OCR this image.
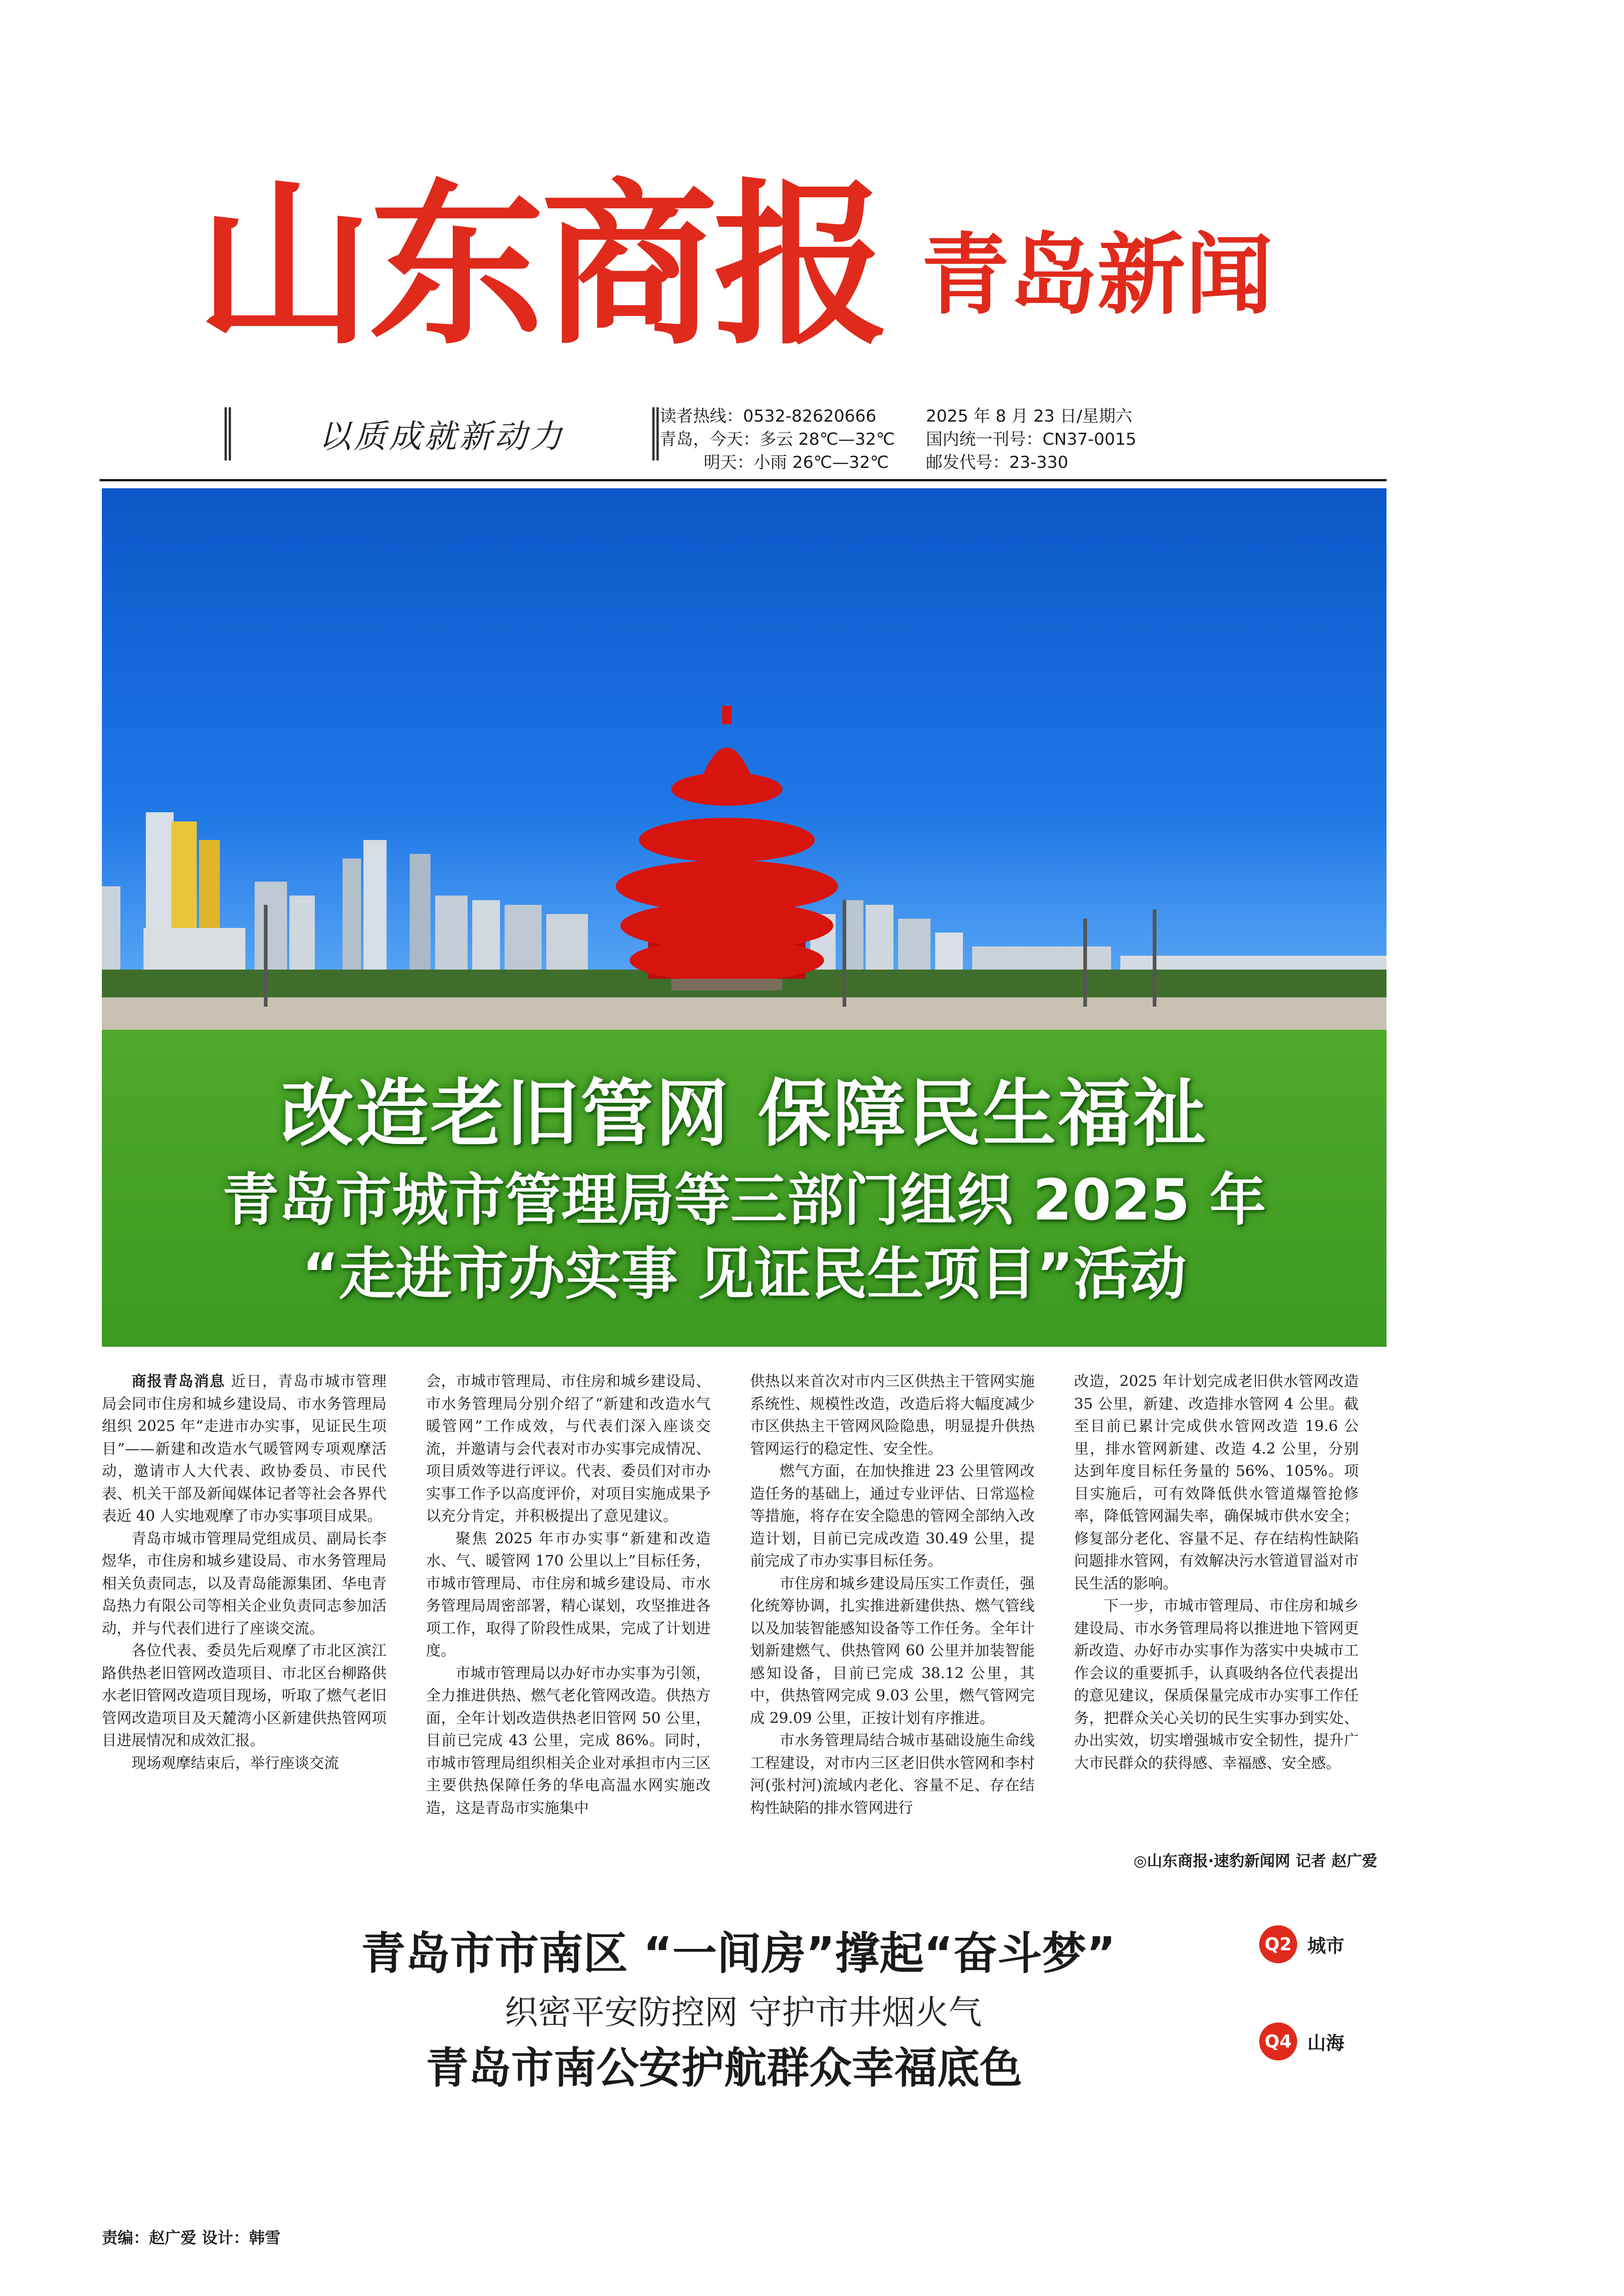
山东商报 青岛新闻
以质成就新动力
读者热线：0532-82620666
青岛，今天：多云 28℃—32℃
明天：小雨 26℃—32℃
2025 年 8 月 23 日/星期六
国内统一刊号：CN37-0015
邮发代号：23-330
改造老旧管网 保障民生福祉
青岛市城市管理局等三部门组织 2025 年
“走进市办实事 见证民生项目”活动

商报青岛消息 近日，青岛市城市管理局会同市住房和城乡建设局、市水务管理局组织 2025 年“走进市办实事，见证民生项目”——新建和改造水气暖管网专项观摩活动，邀请市人大代表、政协委员、市民代表、机关干部及新闻媒体记者等社会各界代表近 40 人实地观摩了市办实事项目成果。

青岛市城市管理局党组成员、副局长李煜华，市住房和城乡建设局、市水务管理局相关负责同志，以及青岛能源集团、华电青岛热力有限公司等相关企业负责同志参加活动，并与代表们进行了座谈交流。

各位代表、委员先后观摩了市北区滨江路供热老旧管网改造项目、市北区台柳路供水老旧管网改造项目现场，听取了燃气老旧管网改造项目及天麓湾小区新建供热管网项目进展情况和成效汇报。

现场观摩结束后，举行座谈交流

会，市城市管理局、市住房和城乡建设局、市水务管理局分别介绍了“新建和改造水气暖管网”工作成效，与代表们深入座谈交流，并邀请与会代表对市办实事完成情况、项目质效等进行评议。代表、委员们对市办实事工作予以高度评价，对项目实施成果予以充分肯定，并积极提出了意见建议。

聚焦 2025 年市办实事“新建和改造水、气、暖管网 170 公里以上”目标任务，市城市管理局、市住房和城乡建设局、市水务管理局周密部署，精心谋划，攻坚推进各项工作，取得了阶段性成果，完成了计划进度。

市城市管理局以办好市办实事为引领，全力推进供热、燃气老化管网改造。供热方面，全年计划改造供热老旧管网 50 公里，目前已完成 43 公里，完成 86%。同时，市城市管理局组织相关企业对承担市内三区主要供热保障任务的华电高温水网实施改造，这是青岛市实施集中

供热以来首次对市内三区供热主干管网实施系统性、规模性改造，改造后将大幅度减少市区供热主干管网风险隐患，明显提升供热管网运行的稳定性、安全性。

燃气方面，在加快推进 23 公里管网改造任务的基础上，通过专业评估、日常巡检等措施，将存在安全隐患的管网全部纳入改造计划，目前已完成改造 30.49 公里，提前完成了市办实事目标任务。

市住房和城乡建设局压实工作责任，强化统筹协调，扎实推进新建供热、燃气管线以及加装智能感知设备等工作任务。全年计划新建燃气、供热管网 60 公里并加装智能感知设备，目前已完成 38.12 公里，其中，供热管网完成 9.03 公里，燃气管网完成 29.09 公里，正按计划有序推进。

市水务管理局结合城市基础设施生命线工程建设，对市内三区老旧供水管网和李村河(张村河)流域内老化、容量不足、存在结构性缺陷的排水管网进行

改造，2025 年计划完成老旧供水管网改造 35 公里，新建、改造排水管网 4 公里。截至目前已累计完成供水管网改造 19.6 公里，排水管网新建、改造 4.2 公里，分别达到年度目标任务量的 56%、105%。项目实施后，可有效降低供水管道爆管抢修率，降低管网漏失率，确保城市供水安全；修复部分老化、容量不足、存在结构性缺陷问题排水管网，有效解决污水管道冒溢对市民生活的影响。

下一步，市城市管理局、市住房和城乡建设局、市水务管理局将以推进地下管网更新改造、办好市办实事作为落实中央城市工作会议的重要抓手，认真吸纳各位代表提出的意见建议，保质保量完成市办实事工作任务，把群众关心关切的民生实事办到实处、办出实效，切实增强城市安全韧性，提升广大市民群众的获得感、幸福感、安全感。

◎山东商报·速豹新闻网 记者 赵广爱
青岛市市南区 “一间房”撑起“奋斗梦”
织密平安防控网 守护市井烟火气
青岛市南公安护航群众幸福底色
Q2 城市
Q4 山海
责编：赵广爱 设计：韩雪
